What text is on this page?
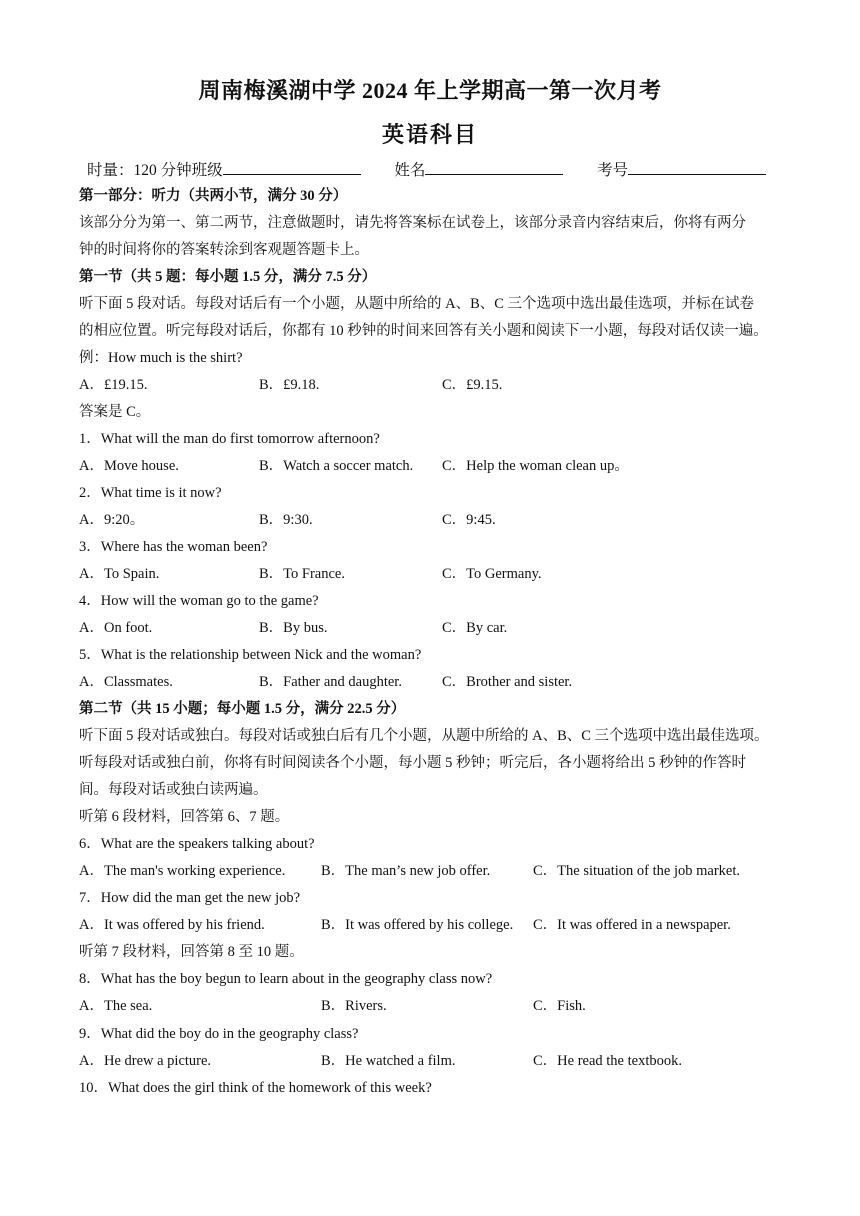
周南梅溪湖中学 2024 年上学期高一第一次月考
英语科目
时量：120 分钟班级	姓名	考号
第一部分：听力（共两小节，满分 30 分）
该部分分为第一、第二两节，注意做题时，请先将答案标在试卷上，该部分录音内容结束后，你将有两分
钟的时间将你的答案转涂到客观题答题卡上。
第一节（共 5 题：每小题 1.5 分，满分 7.5 分）
听下面 5 段对话。每段对话后有一个小题，从题中所给的 A、B、C 三个选项中选出最佳选项，并标在试卷
的相应位置。听完每段对话后，你都有 10 秒钟的时间来回答有关小题和阅读下一小题，每段对话仅读一遍。
例：How much is the shirt?
A．£19.15.	B．£9.18.	C．£9.15.
答案是 C。
1．What will the man do first tomorrow afternoon?
A．Move house.	B．Watch a soccer match. C．Help the woman clean up。
2．What time is it now?
A．9:20。	B．9:30.	C．9:45.
3．Where has the woman been?
A．To Spain.	B．To France.	C．To Germany.
4．How will the woman go to the game?
A．On foot.	B．By bus.	C．By car.
5．What is the relationship between Nick and the woman?
A．Classmates.	B．Father and daughter.	C．Brother and sister.
第二节（共 15 小题；每小题 1.5 分，满分 22.5 分）
听下面 5 段对话或独白。每段对话或独白后有几个小题，从题中所给的 A、B、C 三个选项中选出最佳选项。
听每段对话或独白前，你将有时间阅读各个小题，每小题 5 秒钟；听完后，各小题将给出 5 秒钟的作答时
间。每段对话或独白读两遍。
听第 6 段材料，回答第 6、7 题。
6．What are the speakers talking about?
A．The man's working experience. B．The man’s new job offer.	C．The situation of the job market.
7．How did the man get the new job?
A．It was offered by his friend.	B．It was offered by his college. C．It was offered in a newspaper.
听第 7 段材料，回答第 8 至 10 题。
8．What has the boy begun to learn about in the geography class now?
A．The sea.	B．Rivers.	C．Fish.
9．What did the boy do in the geography class?
A．He drew a picture.	B．He watched a film.	C．He read the textbook.
10．What does the girl think of the homework of this week?
